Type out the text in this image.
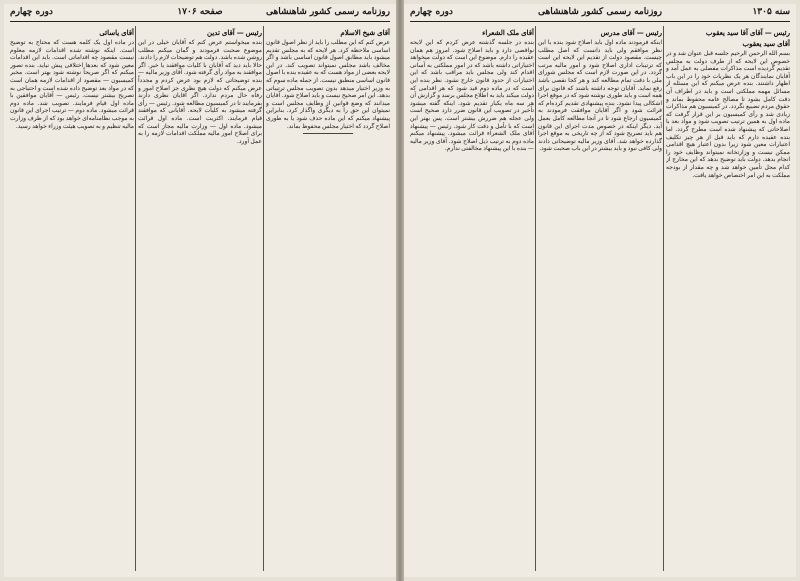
روزنامه رسمی کشور شاهنشاهی
صفحه ۱۷۰۶
دوره چهارم
آقای شیخ الاسلام

عرض کنم که این مطلب را باید از نظر اصول قانون اساسی ملاحظه کرد. هر لایحه که به مجلس تقدیم میشود باید مطابق اصول قانون اساسی باشد و اگر مخالف باشد مجلس نمیتواند تصویب کند. در این لایحه بعضی از مواد هست که به عقیده بنده با اصول قانون اساسی منطبق نیست. از جمله ماده سوم که به وزیر اختیار میدهد بدون تصویب مجلس ترتیباتی بدهد. این امر صحیح نیست و باید اصلاح شود. آقایان میدانند که وضع قوانین از وظایف مجلس است و نمیتوان این حق را به دیگری واگذار کرد. بنابراین پیشنهاد میکنم که این ماده حذف شود یا به طوری اصلاح گردد که اختیار مجلس محفوظ بماند.

رئیس — آقای تدین

بنده میخواستم عرض کنم که آقایان خیلی در این موضوع صحبت فرمودند و گمان میکنم مطلب روشن شده باشد. دولت هم توضیحات لازم را دادند. حالا باید دید که آقایان با کلیات موافقند یا خیر. اگر موافقند به مواد رأی گرفته شود. آقای وزیر مالیه — بنده توضیحاتی که لازم بود عرض کردم و مجدداً عرض میکنم که دولت هیچ نظری جز اصلاح امور و رفاه حال مردم ندارد. اگر آقایان نظری دارند بفرمایند تا در کمیسیون مطالعه شود. رئیس — رأی گرفته میشود به کلیات لایحه. آقایانی که موافقند قیام فرمایند. اکثریت است. ماده اول قرائت میشود. ماده اول — وزارت مالیه مجاز است که برای اصلاح امور مالیه مملکت اقدامات لازمه را به عمل آورد.

آقای یاسائی

در ماده اول یک کلمه هست که محتاج به توضیح است. اینکه نوشته شده اقدامات لازمه معلوم نیست مقصود چه اقداماتی است. باید این اقدامات معین شود که بعدها اختلافی پیش نیاید. بنده تصور میکنم که اگر صریحاً نوشته شود بهتر است. مخبر کمیسیون — مقصود از اقدامات لازمه همان است که در مواد بعد توضیح داده شده است و احتیاجی به تصریح بیشتر نیست. رئیس — آقایان موافقین با ماده اول قیام فرمایند. تصویب شد. ماده دوم قرائت میشود. ماده دوم — ترتیب اجرای این قانون به موجب نظامنامه‌ای خواهد بود که از طرف وزارت مالیه تنظیم و به تصویب هیئت وزراء خواهد رسید.

سنه ۱۳۰۵
روزنامه رسمی کشور شاهنشاهی
دوره چهارم
رئیس — آقای آقا سید یعقوب
آقای سید یعقوب

بسم الله الرحمن الرحیم جلسه قبل عنوان شد و در خصوص این لایحه که از طرف دولت به مجلس تقدیم گردیده است مذاکرات مفصلی به عمل آمد و آقایان نمایندگان هر یک نظریات خود را در این باب اظهار داشتند. بنده عرض میکنم که این مسئله از مسائل مهمه مملکتی است و باید در اطراف آن دقت کامل بشود تا مصالح عامه محفوظ بماند و حقوق مردم تضییع نگردد. در کمیسیون هم مذاکرات زیادی شد و رأی کمیسیون بر این قرار گرفت که ماده اول به همین ترتیب تصویب شود و مواد بعد با اصلاحاتی که پیشنهاد شده است مطرح گردد. اما بنده عقیده دارم که باید قبل از هر چیز تکلیف اعتبارات معین شود زیرا بدون اعتبار هیچ اقدامی ممکن نیست و وزارتخانه نمیتواند وظایف خود را انجام بدهد. دولت باید توضیح بدهد که این مخارج از کدام محل تأمین خواهد شد و چه مقدار از بودجه مملکت به این امر اختصاص خواهد یافت.

رئیس — آقای مدرس

اینکه فرمودند ماده اول باید اصلاح شود بنده با این نظر موافقم ولی باید دانست که اصل مطلب چیست. مقصود دولت از تقدیم این لایحه این است که ترتیبات اداری اصلاح شود و امور مالیه مرتب گردد. در این صورت لازم است که مجلس شورای ملی با دقت تمام مطالعه کند و هر کجا نقصی باشد رفع نماید. آقایان توجه داشته باشند که قانون برای همه است و باید طوری نوشته شود که در موقع اجرا اشکالی پیدا نشود. بنده پیشنهادی تقدیم کرده‌ام که قرائت شود و اگر آقایان موافقت فرمودند به کمیسیون ارجاع شود تا در آنجا مطالعه کامل بعمل آید. دیگر اینکه در خصوص مدت اجرای این قانون هم باید تصریح شود که از چه تاریخی به موقع اجرا گذارده خواهد شد. آقای وزیر مالیه توضیحاتی دادند ولی کافی نبود و باید بیشتر در این باب صحبت شود.

آقای ملک الشعراء

بنده در جلسه گذشته عرض کردم که این لایحه نواقصی دارد و باید اصلاح شود. امروز هم همان عقیده را دارم. موضوع این است که دولت میخواهد اختیاراتی داشته باشد که در امور مملکتی به آسانی اقدام کند ولی مجلس باید مراقب باشد که این اختیارات از حدود قانون خارج نشود. نظر بنده این است که در ماده دوم قید شود که هر اقدامی که دولت میکند باید به اطلاع مجلس برسد و گزارش آن هر سه ماه یکبار تقدیم شود. اینکه گفته میشود تأخیر در تصویب این قانون ضرر دارد صحیح است ولی عجله هم ضررش بیشتر است. پس بهتر این است که با تأمل و دقت کار شود. رئیس — پیشنهاد آقای ملک الشعراء قرائت میشود. پیشنهاد میکنم ماده دوم به ترتیب ذیل اصلاح شود. آقای وزیر مالیه — بنده با این پیشنهاد مخالفتی ندارم.
